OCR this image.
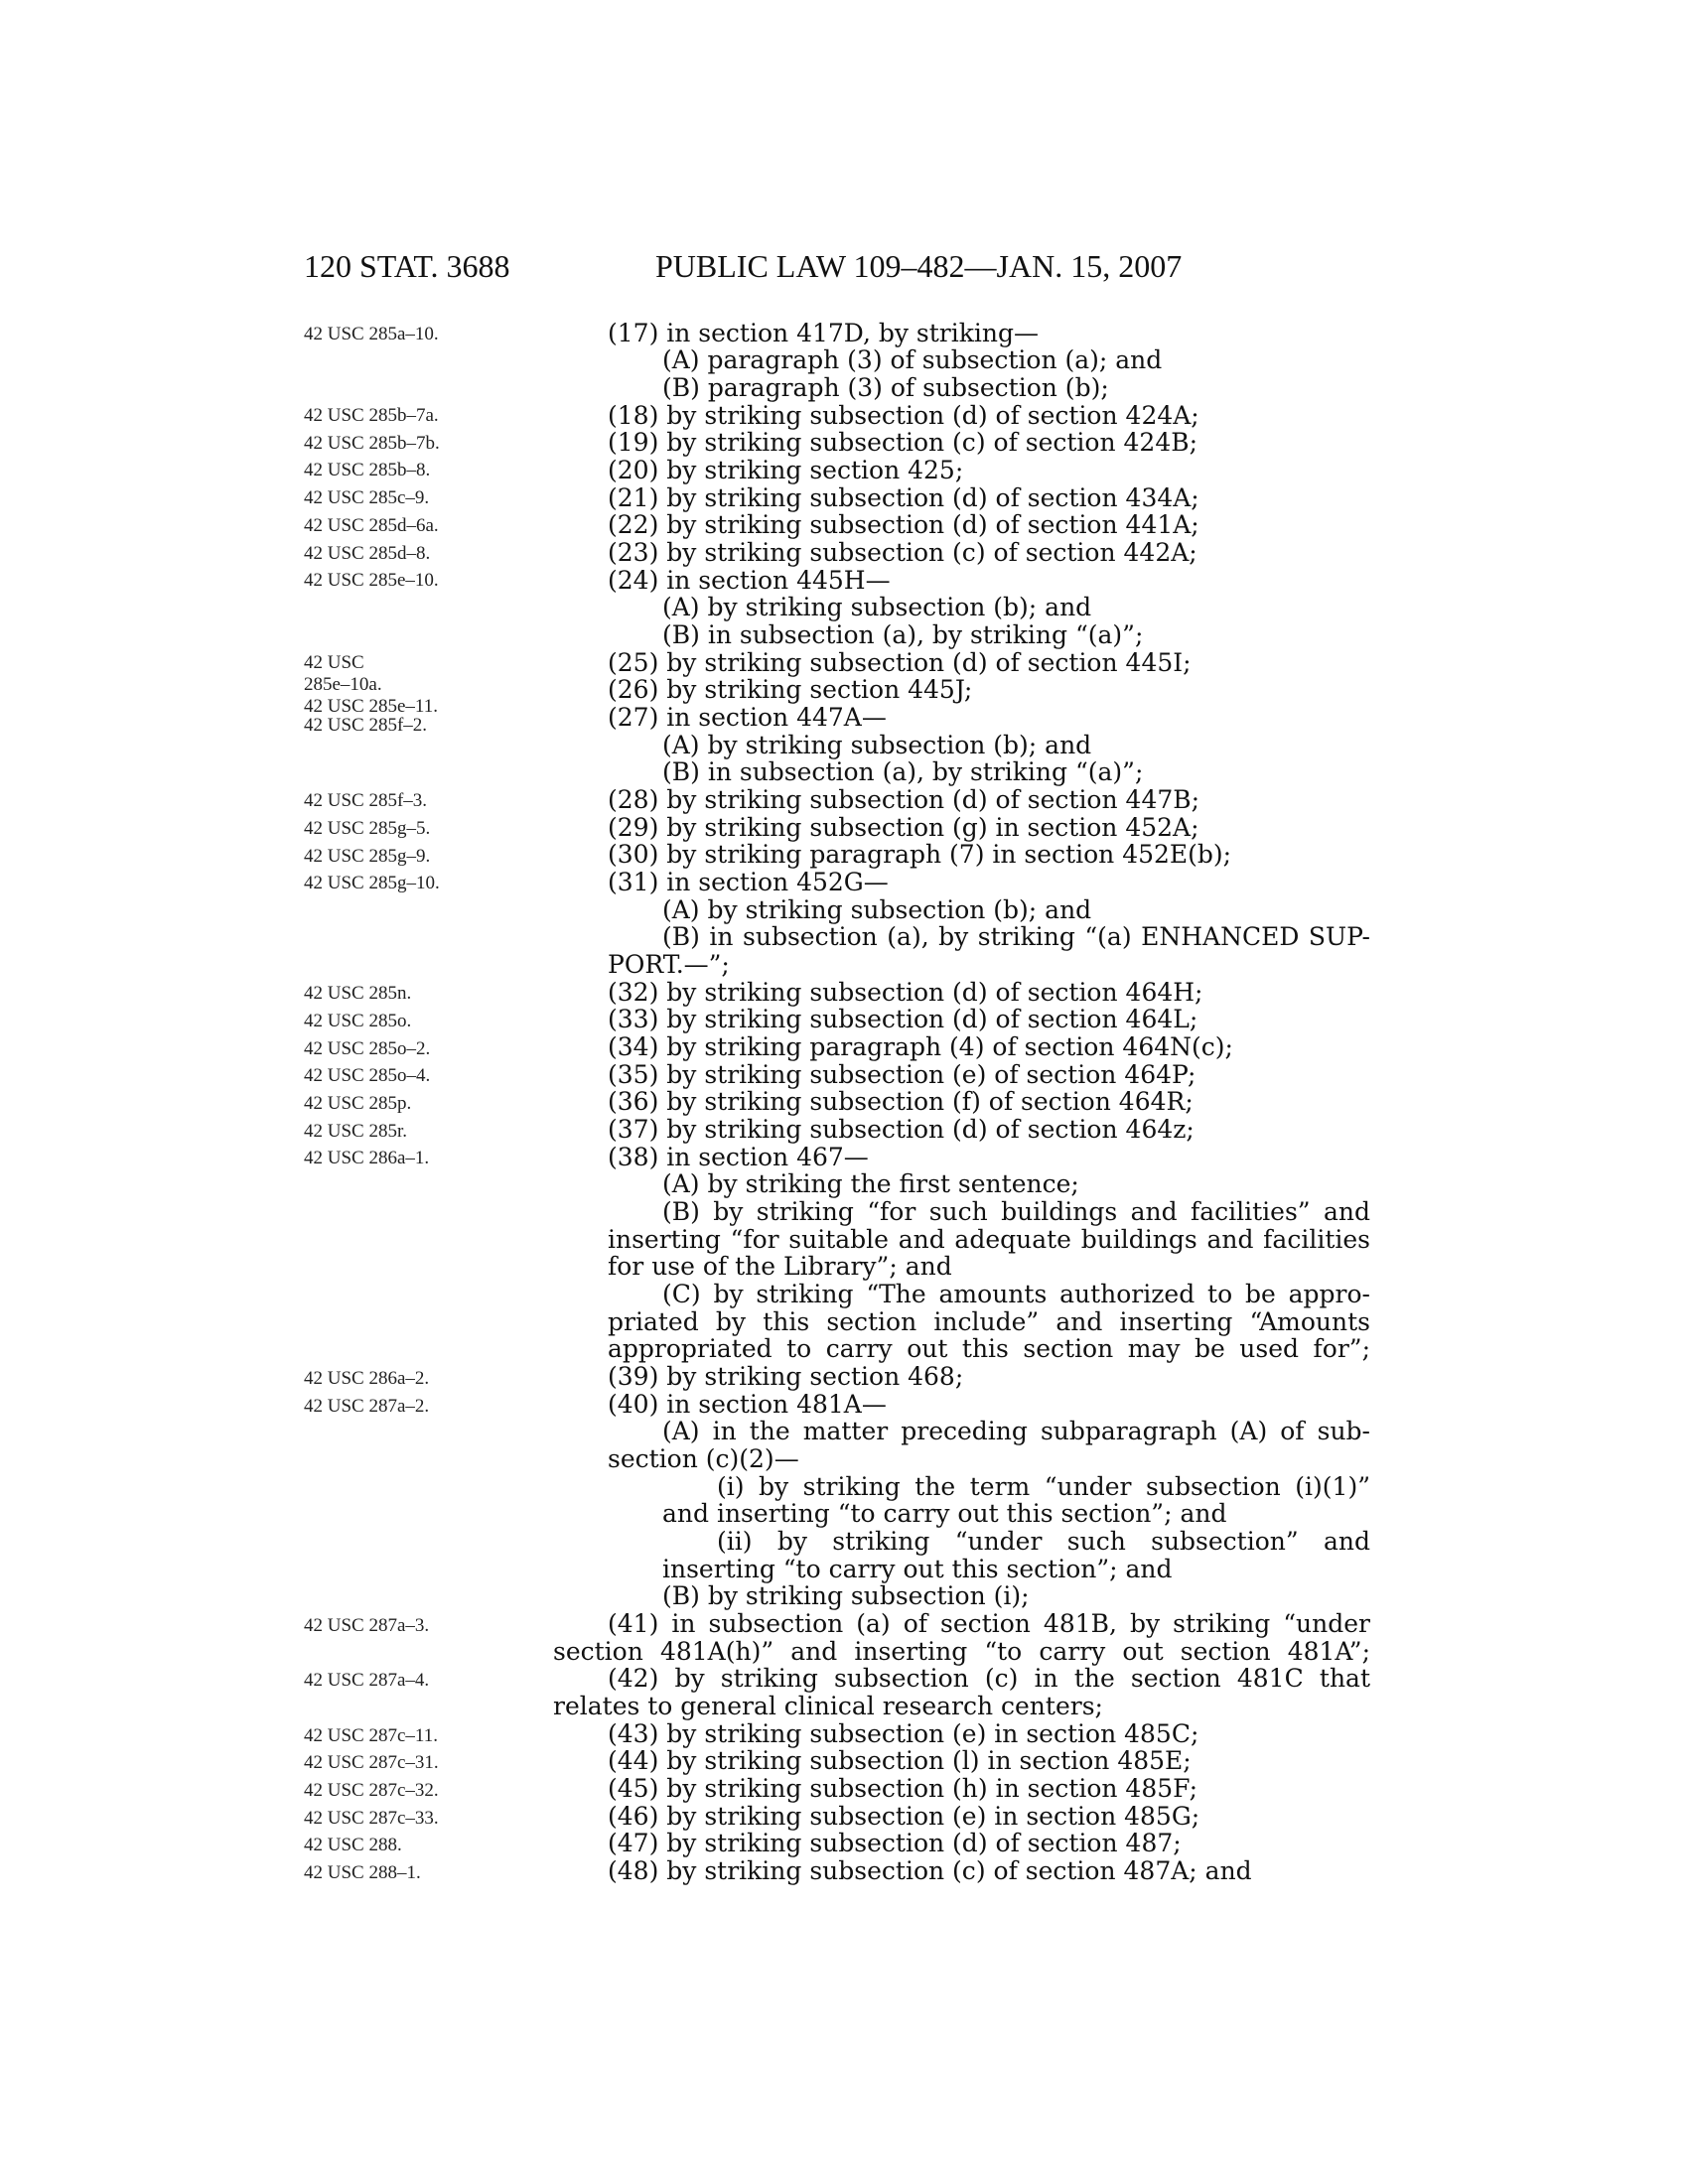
120 STAT. 3688	PUBLIC LAW 109–482—JAN. 15, 2007
42 USC 285a–10.
42 USC 285b–7a.
42 USC 285b–7b.
42 USC 285b–8.
42 USC 285c–9.
42 USC 285d–6a.
42 USC 285d–8.
42 USC 285e–10.
42 USC
285e–10a.
42 USC 285e–11.
42 USC 285f–2.
42 USC 285f–3.
42 USC 285g–5.
42 USC 285g–9.
42 USC 285g–10.
42 USC 285n.
42 USC 285o.
42 USC 285o–2.
42 USC 285o–4.
42 USC 285p.
42 USC 285r.
42 USC 286a–1.
42 USC 286a–2.
42 USC 287a–2.
42 USC 287a–3.
42 USC 287a–4.
42 USC 287c–11.
42 USC 287c–31.
42 USC 287c–32.
42 USC 287c–33.
42 USC 288.
42 USC 288–1.
(17) in section 417D, by striking—
(A) paragraph (3) of subsection (a); and
(B) paragraph (3) of subsection (b);
(18) by striking subsection (d) of section 424A;
(19) by striking subsection (c) of section 424B;
(20) by striking section 425;
(21) by striking subsection (d) of section 434A;
(22) by striking subsection (d) of section 441A;
(23) by striking subsection (c) of section 442A;
(24) in section 445H—
(A) by striking subsection (b); and
(B) in subsection (a), by striking “(a)”;
(25) by striking subsection (d) of section 445I;
(26) by striking section 445J;
(27) in section 447A—
(A) by striking subsection (b); and
(B) in subsection (a), by striking “(a)”;
(28) by striking subsection (d) of section 447B;
(29) by striking subsection (g) in section 452A;
(30) by striking paragraph (7) in section 452E(b);
(31) in section 452G—
(A) by striking subsection (b); and
(B) in subsection (a), by striking “(a) ENHANCED SUP-
PORT.—”;
(32) by striking subsection (d) of section 464H;
(33) by striking subsection (d) of section 464L;
(34) by striking paragraph (4) of section 464N(c);
(35) by striking subsection (e) of section 464P;
(36) by striking subsection (f) of section 464R;
(37) by striking subsection (d) of section 464z;
(38) in section 467—
(A) by striking the first sentence;
(B) by striking “for such buildings and facilities” and
inserting “for suitable and adequate buildings and facilities
for use of the Library”; and
(C) by striking “The amounts authorized to be appro-
priated by this section include” and inserting “Amounts
appropriated to carry out this section may be used for”;
(39) by striking section 468;
(40) in section 481A—
(A) in the matter preceding subparagraph (A) of sub-
section (c)(2)—
(i) by striking the term “under subsection (i)(1)”
and inserting “to carry out this section”; and
(ii) by striking “under such subsection” and
inserting “to carry out this section”; and
(B) by striking subsection (i);
(41) in subsection (a) of section 481B, by striking “under
section 481A(h)” and inserting “to carry out section 481A”;
(42) by striking subsection (c) in the section 481C that
relates to general clinical research centers;
(43) by striking subsection (e) in section 485C;
(44) by striking subsection (l) in section 485E;
(45) by striking subsection (h) in section 485F;
(46) by striking subsection (e) in section 485G;
(47) by striking subsection (d) of section 487;
(48) by striking subsection (c) of section 487A; and
